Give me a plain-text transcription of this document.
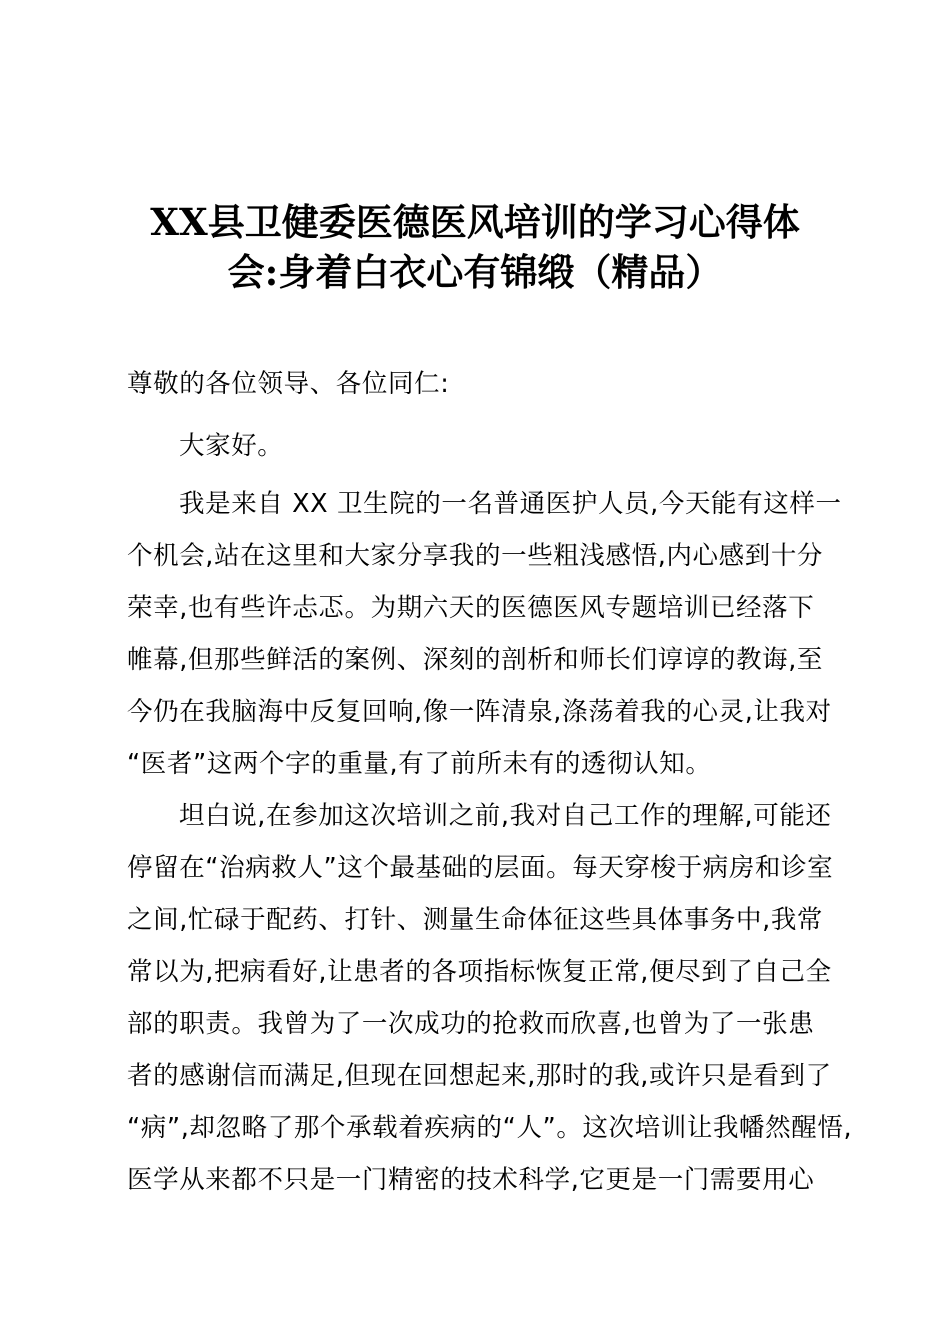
XX县卫健委医德医风培训的学习心得体
会:身着白衣心有锦缎（精品）
尊敬的各位领导、各位同仁:
大家好。
我是来自 XX 卫生院的一名普通医护人员,今天能有这样一
个机会,站在这里和大家分享我的一些粗浅感悟,内心感到十分
荣幸,也有些许忐忑。为期六天的医德医风专题培训已经落下
帷幕,但那些鲜活的案例、深刻的剖析和师长们谆谆的教诲,至
今仍在我脑海中反复回响,像一阵清泉,涤荡着我的心灵,让我对
“医者”这两个字的重量,有了前所未有的透彻认知。
坦白说,在参加这次培训之前,我对自己工作的理解,可能还
停留在“治病救人”这个最基础的层面。每天穿梭于病房和诊室
之间,忙碌于配药、打针、测量生命体征这些具体事务中,我常
常以为,把病看好,让患者的各项指标恢复正常,便尽到了自己全
部的职责。我曾为了一次成功的抢救而欣喜,也曾为了一张患
者的感谢信而满足,但现在回想起来,那时的我,或许只是看到了
“病”,却忽略了那个承载着疾病的“人”。这次培训让我幡然醒悟,
医学从来都不只是一门精密的技术科学,它更是一门需要用心
